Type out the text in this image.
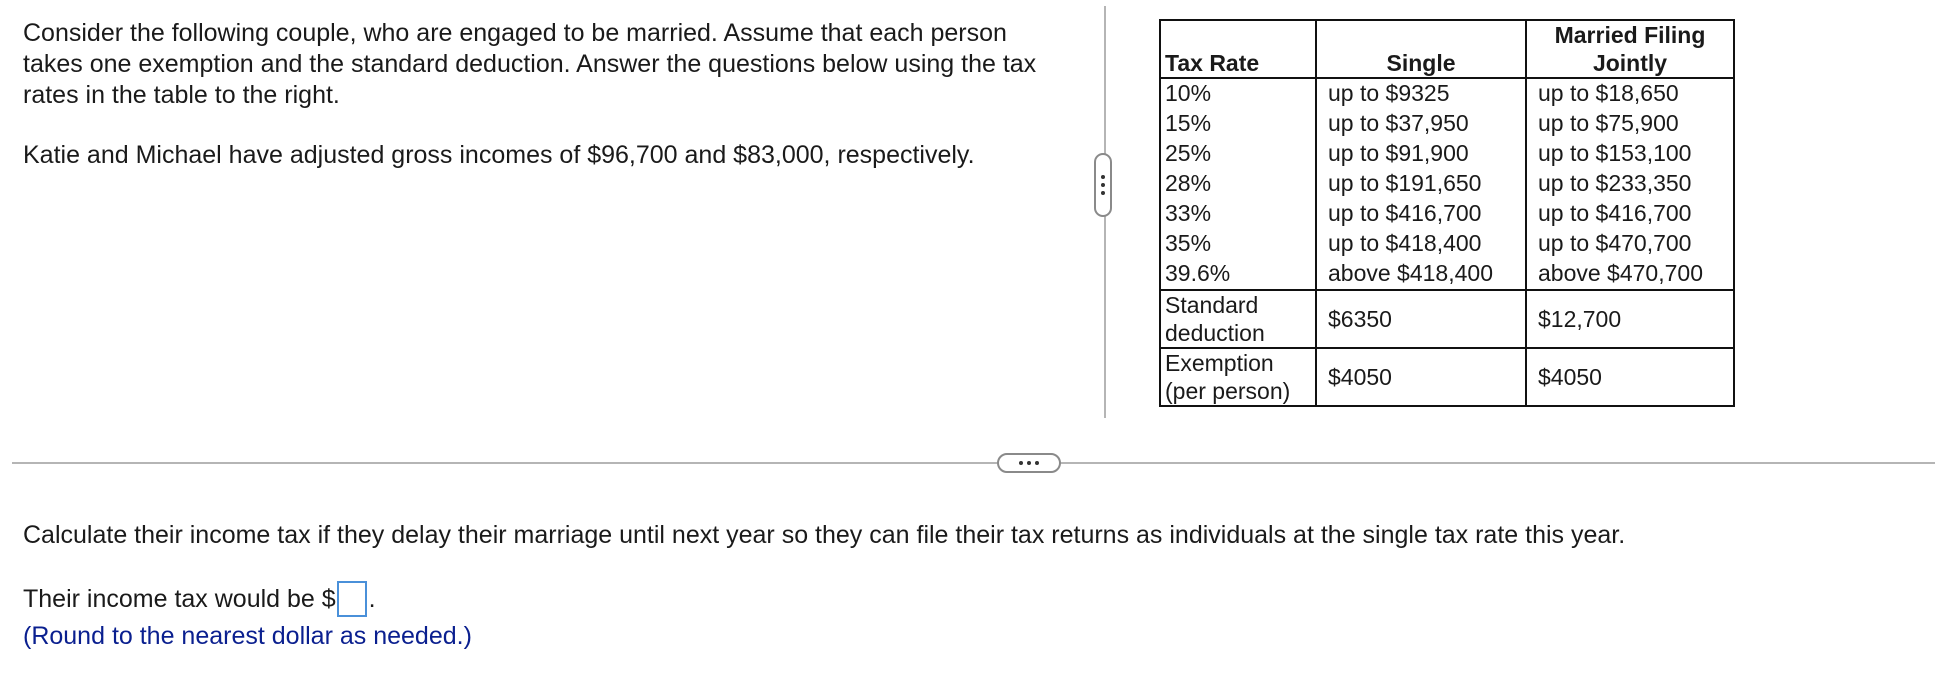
Consider the following couple, who are engaged to be married. Assume that each person takes one exemption and the standard deduction. Answer the questions below using the tax rates in the table to the right.

Katie and Michael have adjusted gross incomes of $96,700 and $83,000, respectively.

Tax Rate	Single	Married Filing
Jointly
10%	up to $9325	up to $18,650
15%	up to $37,950	up to $75,900
25%	up to $91,900	up to $153,100
28%	up to $191,650	up to $233,350
33%	up to $416,700	up to $416,700
35%	up to $418,400	up to $470,700
39.6%	above $418,400	above $470,700
Standard
deduction	$6350	$12,700
Exemption
(per person)	$4050	$4050
Calculate their income tax if they delay their marriage until next year so they can file their tax returns as individuals at the single tax rate this year.
Their income tax would be $ .
(Round to the nearest dollar as needed.)
